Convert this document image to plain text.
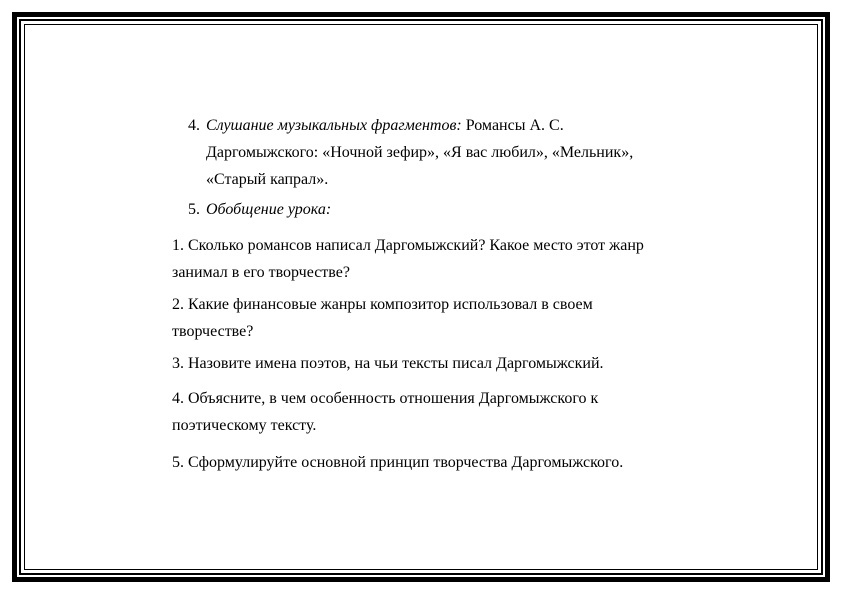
4. Слушание музыкальных фрагментов: Романсы А. С.
Даргомыжского: «Ночной зефир», «Я вас любил», «Мельник»,
«Старый капрал».
5. Обобщение урока:
1. Сколько романсов написал Даргомыжский? Какое место этот жанр
занимал в его творчестве?
2. Какие финансовые жанры композитор использовал в своем
творчестве?
3. Назовите имена поэтов, на чьи тексты писал Даргомыжский.
4. Объясните, в чем особенность отношения Даргомыжского к
поэтическому тексту.
5. Сформулируйте основной принцип творчества Даргомыжского.
